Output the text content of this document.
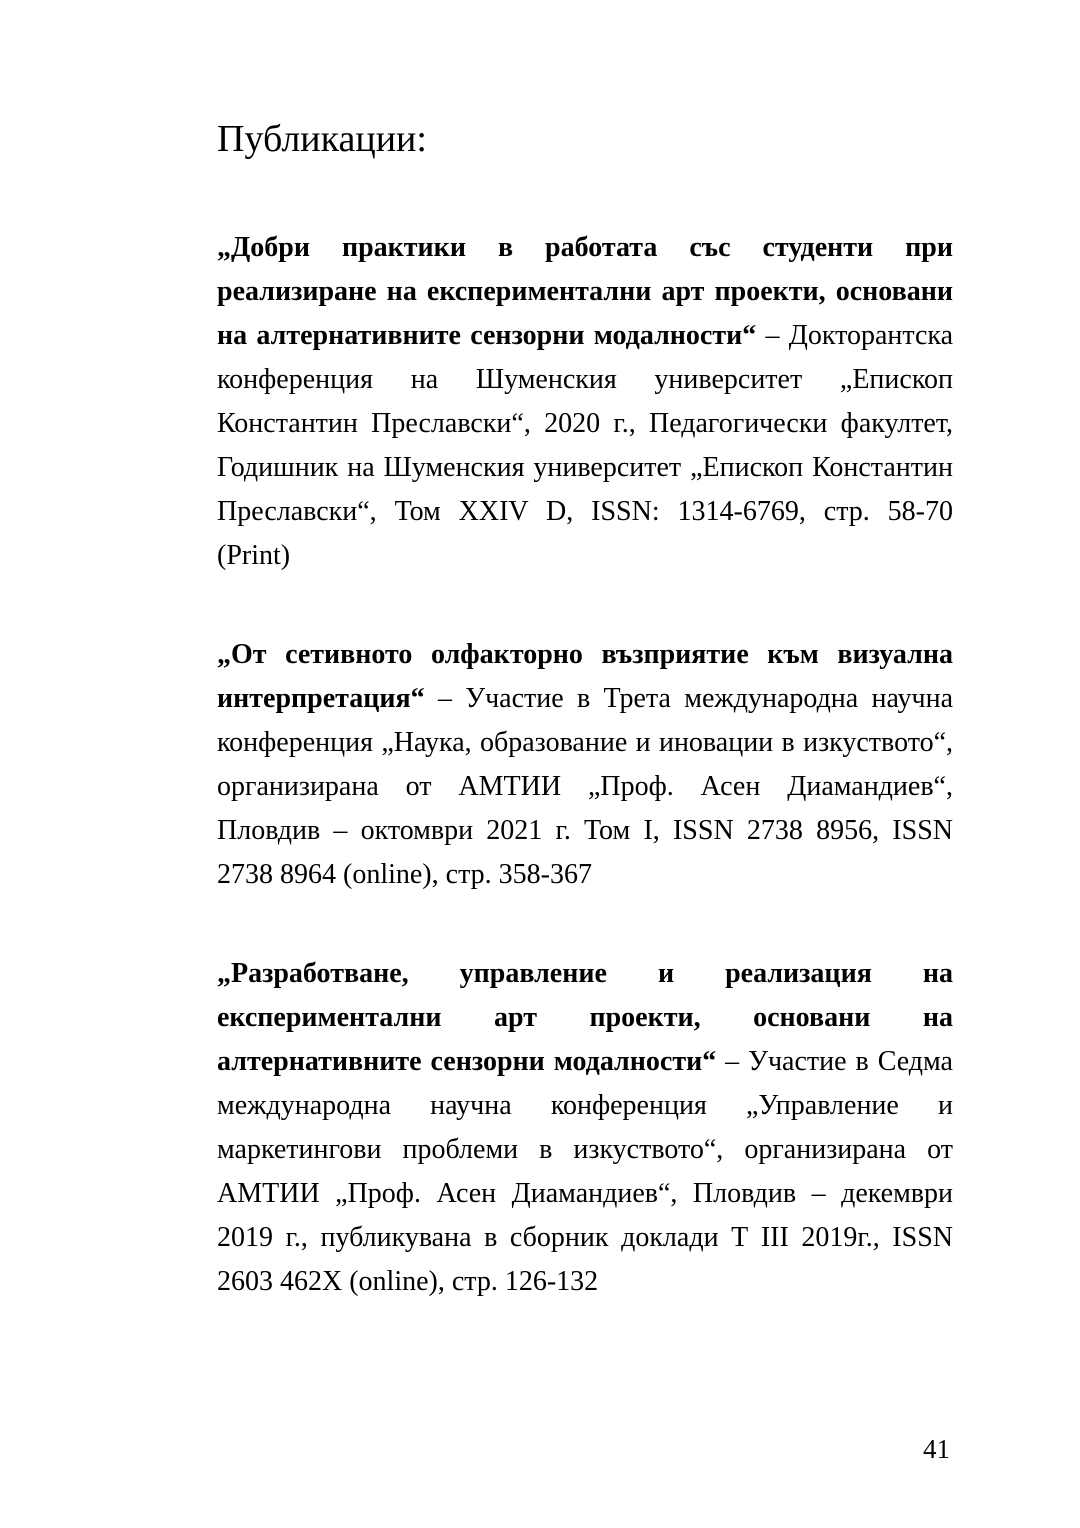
Публикации:

„Добри практики в работата със студенти при реализиране на експериментални арт проекти, основани на алтернативните сензорни модалности“ – Докторантска конференция на Шуменския университет „Епископ Константин Преславски“, 2020 г., Педагогически факултет, Годишник на Шуменския университет „Епископ Константин Преславски“, Том XXIV D, ISSN: 1314-6769, стр. 58-70 (Print)

„От сетивното олфакторно възприятие към визуална интерпретация“ – Участие в Трета международна научна конференция „Наука, образование и иновации в изкуството“, организирана от АМТИИ „Проф. Асен Диамандиев“, Пловдив – октомври 2021 г. Том I, ISSN 2738 8956, ISSN 2738 8964 (online), стр. 358-367

„Разработване, управление и реализация на експериментални арт проекти, основани на алтернативните сензорни модалности“ – Участие в Седма международна научна конференция „Управление и маркетингови проблеми в изкуството“, организирана от АМТИИ „Проф. Асен Диамандиев“, Пловдив – декември 2019 г., публикувана в сборник доклади Т III 2019г., ISSN 2603 462X (online), стр. 126-132

41
